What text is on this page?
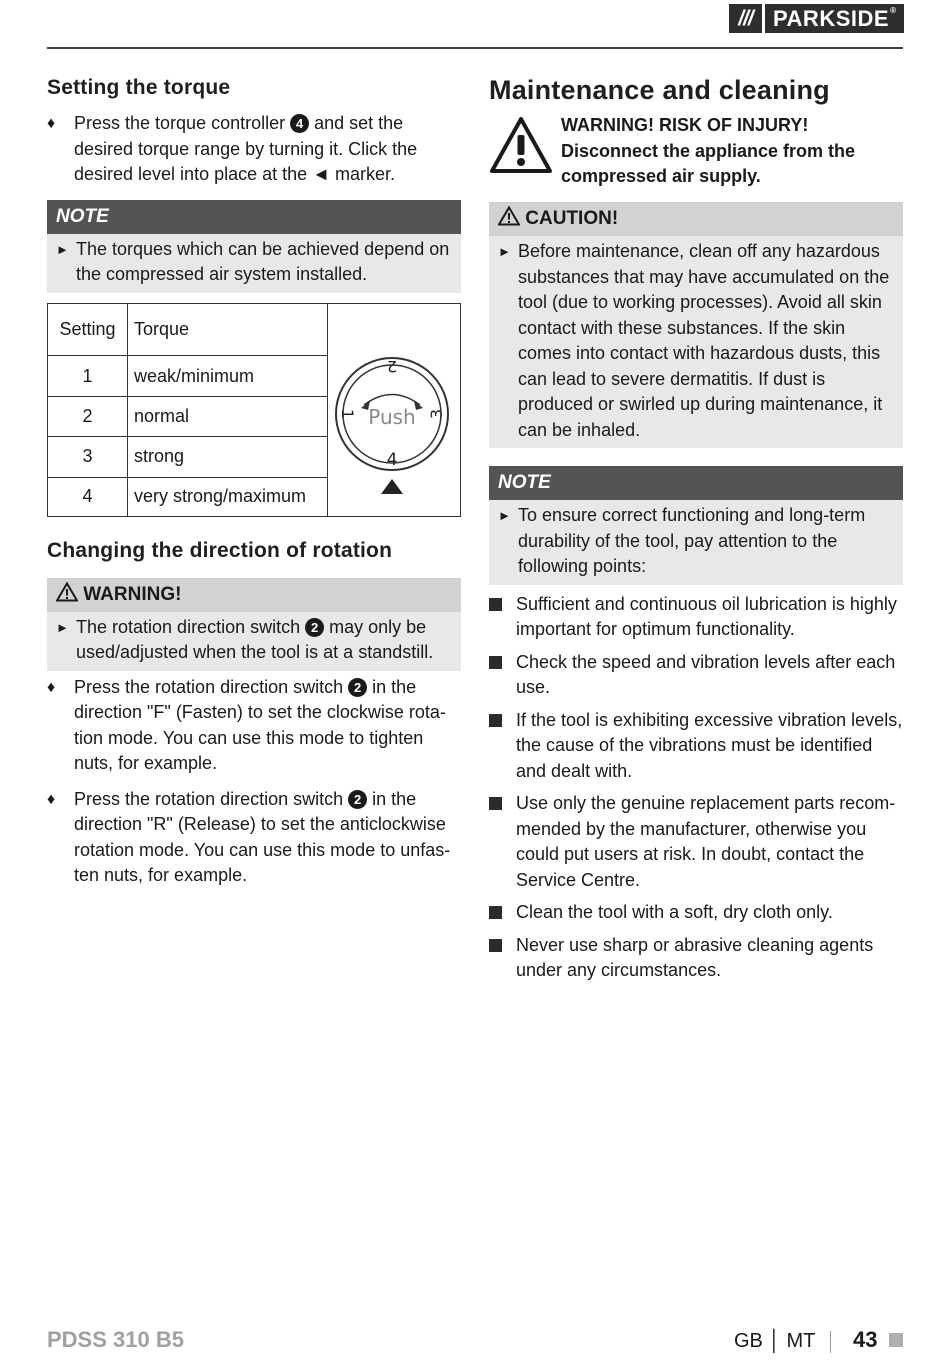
/// PARKSIDE®
Setting the torque
♦ Press the torque controller 4 and set the desired torque range by turning it. Click the desired level into place at the ◄ marker.
NOTE
► The torques which can be achieved depend on the compressed air system installed.
Setting	Torque
1	weak/minimum
2	normal
3	strong
4	very strong/maximum
Push
2
1	3
4
Changing the direction of rotation
WARNING!
► The rotation direction switch 2 may only be used/adjusted when the tool is at a standstill.
♦ Press the rotation direction switch 2 in the direction "F" (Fasten) to set the clockwise rota-tion mode. You can use this mode to tighten nuts, for example.
♦ Press the rotation direction switch 2 in the direction "R" (Release) to set the anticlockwise rotation mode. You can use this mode to unfas-ten nuts, for example.
Maintenance and cleaning
WARNING! RISK OF INJURY! Disconnect the appliance from the compressed air supply.
CAUTION!
► Before maintenance, clean off any hazardous substances that may have accumulated on the tool (due to working processes). Avoid all skin contact with these substances. If the skin comes into contact with hazardous dusts, this can lead to severe dermatitis. If dust is produced or swirled up during maintenance, it can be inhaled.
NOTE
► To ensure correct functioning and long-term durability of the tool, pay attention to the following points:
Sufficient and continuous oil lubrication is highly important for optimum functionality.
Check the speed and vibration levels after each use.
If the tool is exhibiting excessive vibration levels, the cause of the vibrations must be identified and dealt with.
Use only the genuine replacement parts recom-mended by the manufacturer, otherwise you could put users at risk. In doubt, contact the Service Centre.
Clean the tool with a soft, dry cloth only.
Never use sharp or abrasive cleaning agents under any circumstances.
PDSS 310 B5	GB │ MT 43
